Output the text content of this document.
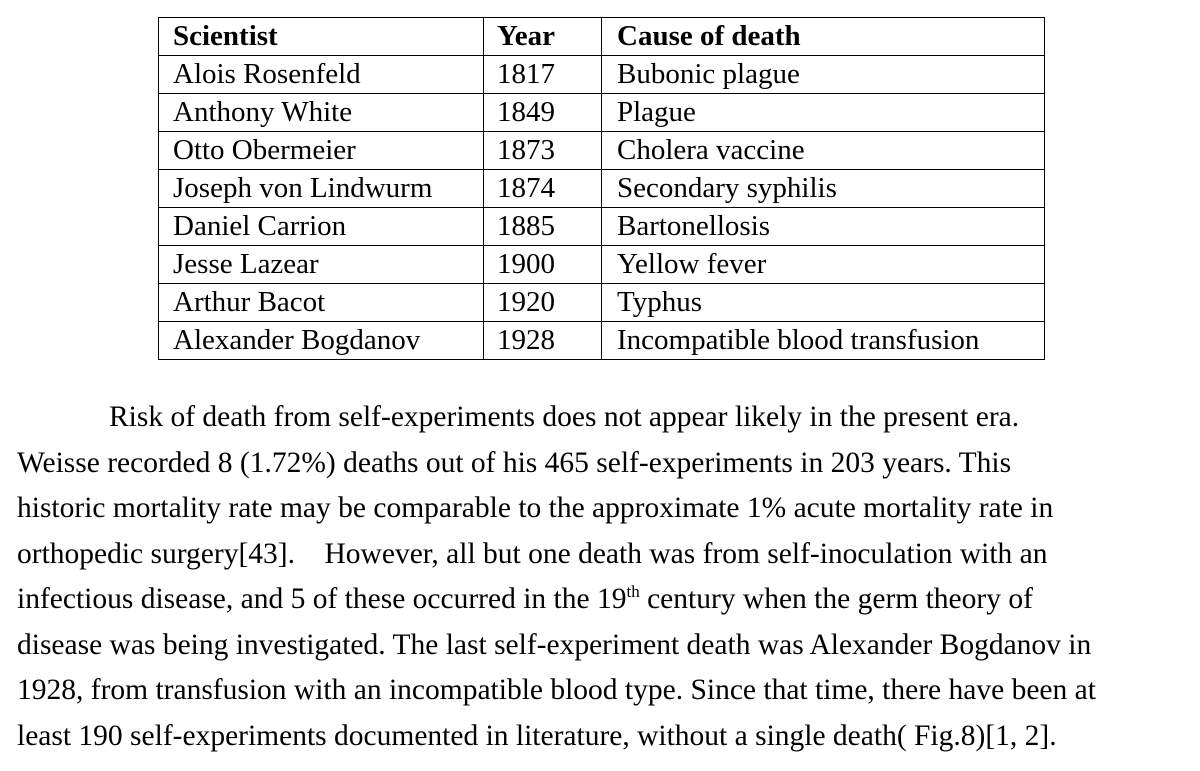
Scientist	Year	Cause of death
Alois Rosenfeld	1817	Bubonic plague
Anthony White	1849	Plague
Otto Obermeier	1873	Cholera vaccine
Joseph von Lindwurm	1874	Secondary syphilis
Daniel Carrion	1885	Bartonellosis
Jesse Lazear	1900	Yellow fever
Arthur Bacot	1920	Typhus
Alexander Bogdanov	1928	Incompatible blood transfusion
Risk of death from self-experiments does not appear likely in the present era.
Weisse recorded 8 (1.72%) deaths out of his 465 self-experiments in 203 years. This
historic mortality rate may be comparable to the approximate 1% acute mortality rate in
orthopedic surgery[43].    However, all but one death was from self-inoculation with an
infectious disease, and 5 of these occurred in the 19th century when the germ theory of
disease was being investigated. The last self-experiment death was Alexander Bogdanov in
1928, from transfusion with an incompatible blood type. Since that time, there have been at
least 190 self-experiments documented in literature, without a single death( Fig.8)[1, 2].
